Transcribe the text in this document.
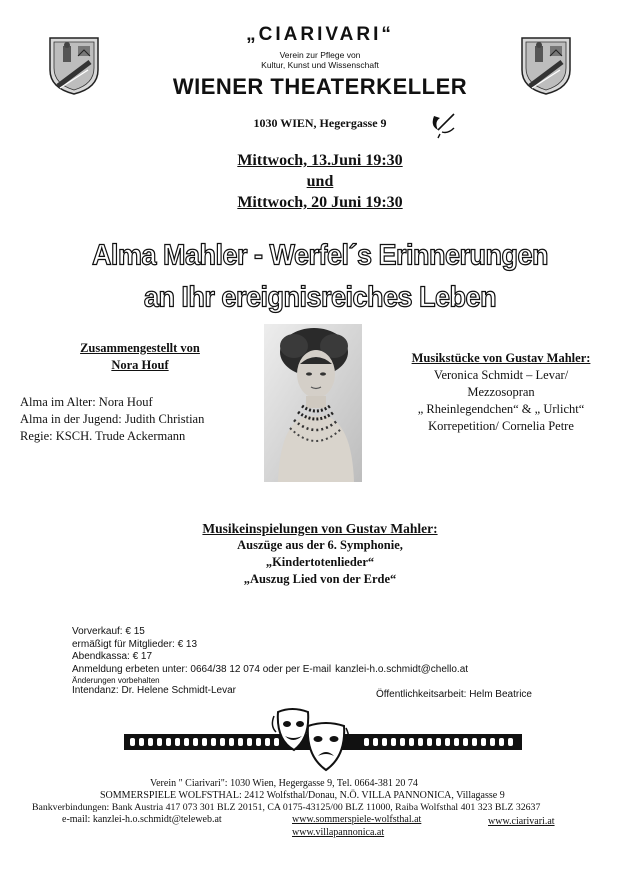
„CIARIVARI“
Verein zur Pflege von
Kultur, Kunst und Wissenschaft
WIENER THEATERKELLER
1030 WIEN, Hegergasse 9
Mittwoch, 13.Juni 19:30
und
Mittwoch, 20 Juni 19:30
Alma Mahler - Werfel´s Erinnerungen
an Ihr ereignisreiches Leben
Zusammengestellt von
Nora Houf
Alma im Alter: Nora Houf
Alma in der Jugend: Judith Christian
Regie: KSCH. Trude Ackermann
Musikstücke von Gustav Mahler:
Veronica Schmidt – Levar/
Mezzosopran
„ Rheinlegendchen“ & „ Urlicht“
Korrepetition/ Cornelia Petre
Musikeinspielungen von Gustav Mahler:
Auszüge aus der 6. Symphonie,
„Kindertotenlieder“
„Auszug Lied von der Erde“
Vorverkauf: € 15
ermäßigt für Mitglieder: € 13
Abendkassa: € 17
Anmeldung erbeten unter: 0664/38 12 074 oder per E-mail kanzlei-h.o.schmidt@chello.at
Änderungen vorbehalten
Intendanz: Dr. Helene Schmidt-Levar	Öffentlichkeitsarbeit: Helm Beatrice
Verein " Ciarivari": 1030 Wien, Hegergasse 9, Tel. 0664-381 20 74
SOMMERSPIELE WOLFSTHAL: 2412 Wolfsthal/Donau, N.Ö. VILLA PANNONICA, Villagasse 9
Bankverbindungen: Bank Austria 417 073 301 BLZ 20151, CA 0175-43125/00 BLZ 11000, Raiba Wolfsthal 401 323 BLZ 32637
e-mail: kanzlei-h.o.schmidt@teleweb.at	www.sommerspiele-wolfsthal.at	www.ciarivari.at
www.villapannonica.at
